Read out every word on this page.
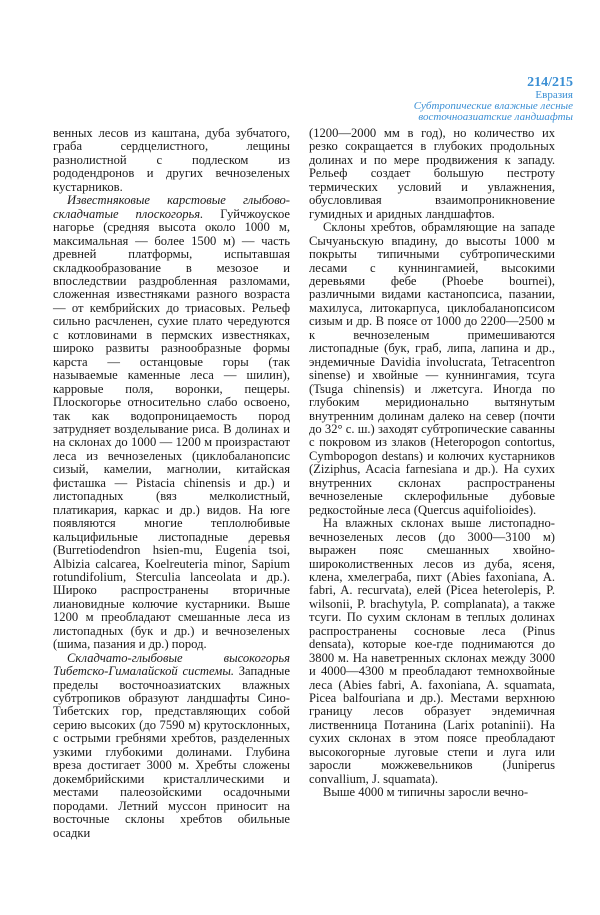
214/215
Евразия
Субтропические влажные лесные
восточноазиатские ландшафты

венных лесов из каштана, дуба зубчатого, граба сердцелистного, лещины разнолистной с подлеском из рододендронов и других вечнозеленых кустарников.

Известняковые карстовые глыбово-складчатые плоскогорья. Гуйчжоуское нагорье (средняя высота около 1000 м, максимальная — более 1500 м) — часть древней платформы, испытавшая складкообразование в мезозое и впоследствии раздробленная разломами, сложенная известняками разного возраста — от кембрийских до триасовых. Рельеф сильно расчленен, сухие плато чередуются с котловинами в пермских известняках, широко развиты разнообразные формы карста — останцовые горы (так называемые каменные леса — шилин), карровые поля, воронки, пещеры. Плоскогорье относительно слабо освоено, так как водопроницаемость пород затрудняет возделывание риса. В долинах и на склонах до 1000 — 1200 м произрастают леса из вечнозеленых (циклобаланопсис сизый, камелии, магнолии, китайская фисташка — Pistacia chinensis и др.) и листопадных (вяз мелколистный, платикария, каркас и др.) видов. На юге появляются многие теплолюбивые кальцифильные листопадные деревья (Burretiodendron hsien-mu, Eugenia tsoi, Albizia calcarea, Koelreuteria minor, Sapium rotundifolium, Sterculia lanceolata и др.). Широко распространены вторичные лиановидные колючие кустарники. Выше 1200 м преобладают смешанные леса из листопадных (бук и др.) и вечнозеленых (шима, пазания и др.) пород.

Складчато-глыбовые высокогорья Тибетско-Гималайской системы. Западные пределы восточноазиатских влажных субтропиков образуют ландшафты Сино-Тибетских гор, представляющих собой серию высоких (до 7590 м) крутосклонных, с острыми гребнями хребтов, разделенных узкими глубокими долинами. Глубина вреза достигает 3000 м. Хребты сложены докембрийскими кристаллическими и местами палеозойскими осадочными породами. Летний муссон приносит на восточные склоны хребтов обильные осадки

(1200—2000 мм в год), но количество их резко сокращается в глубоких продольных долинах и по мере продвижения к западу. Рельеф создает большую пестроту термических условий и увлажнения, обусловливая взаимопроникновение гумидных и аридных ландшафтов.

Склоны хребтов, обрамляющие на западе Сычуаньскую впадину, до высоты 1000 м покрыты типичными субтропическими лесами с куннингамией, высокими деревьями фебе (Phoebe bournei), различными видами кастанопсиса, пазании, махилуса, литокарпуса, циклобаланопсисом сизым и др. В поясе от 1000 до 2200—2500 м к вечнозеленым примешиваются листопадные (бук, граб, липа, лапина и др., эндемичные Davidia involucrata, Tetracentron sinense) и хвойные — куннингамия, тсуга (Tsuga chinensis) и лжетсуга. Иногда по глубоким меридионально вытянутым внутренним долинам далеко на север (почти до 32° с. ш.) заходят субтропические саванны с покровом из злаков (Heteropogon contortus, Cymbopogon destans) и колючих кустарников (Ziziphus, Acacia farnesiana и др.). На сухих внутренних склонах распространены вечнозеленые склерофильные дубовые редкостойные леса (Quercus aquifolioides).

На влажных склонах выше листопадно-вечнозеленых лесов (до 3000—3100 м) выражен пояс смешанных хвойно-широколиственных лесов из дуба, ясеня, клена, хмелеграба, пихт (Abies faxoniana, A. fabri, A. recurvata), елей (Picea heterolepis, P. wilsonii, P. brachytyla, P. complanata), а также тсуги. По сухим склонам в теплых долинах распространены сосновые леса (Pinus densata), которые кое-где поднимаются до 3800 м. На наветренных склонах между 3000 и 4000—4300 м преобладают темнохвойные леса (Abies fabri, A. faxoniana, A. squamata, Picea balfouriana и др.). Местами верхнюю границу лесов образует эндемичная лиственница Потанина (Larix potaninii). На сухих склонах в этом поясе преобладают высокогорные луговые степи и луга или заросли можжевельников (Juniperus convallium, J. squamata).

Выше 4000 м типичны заросли вечно-
